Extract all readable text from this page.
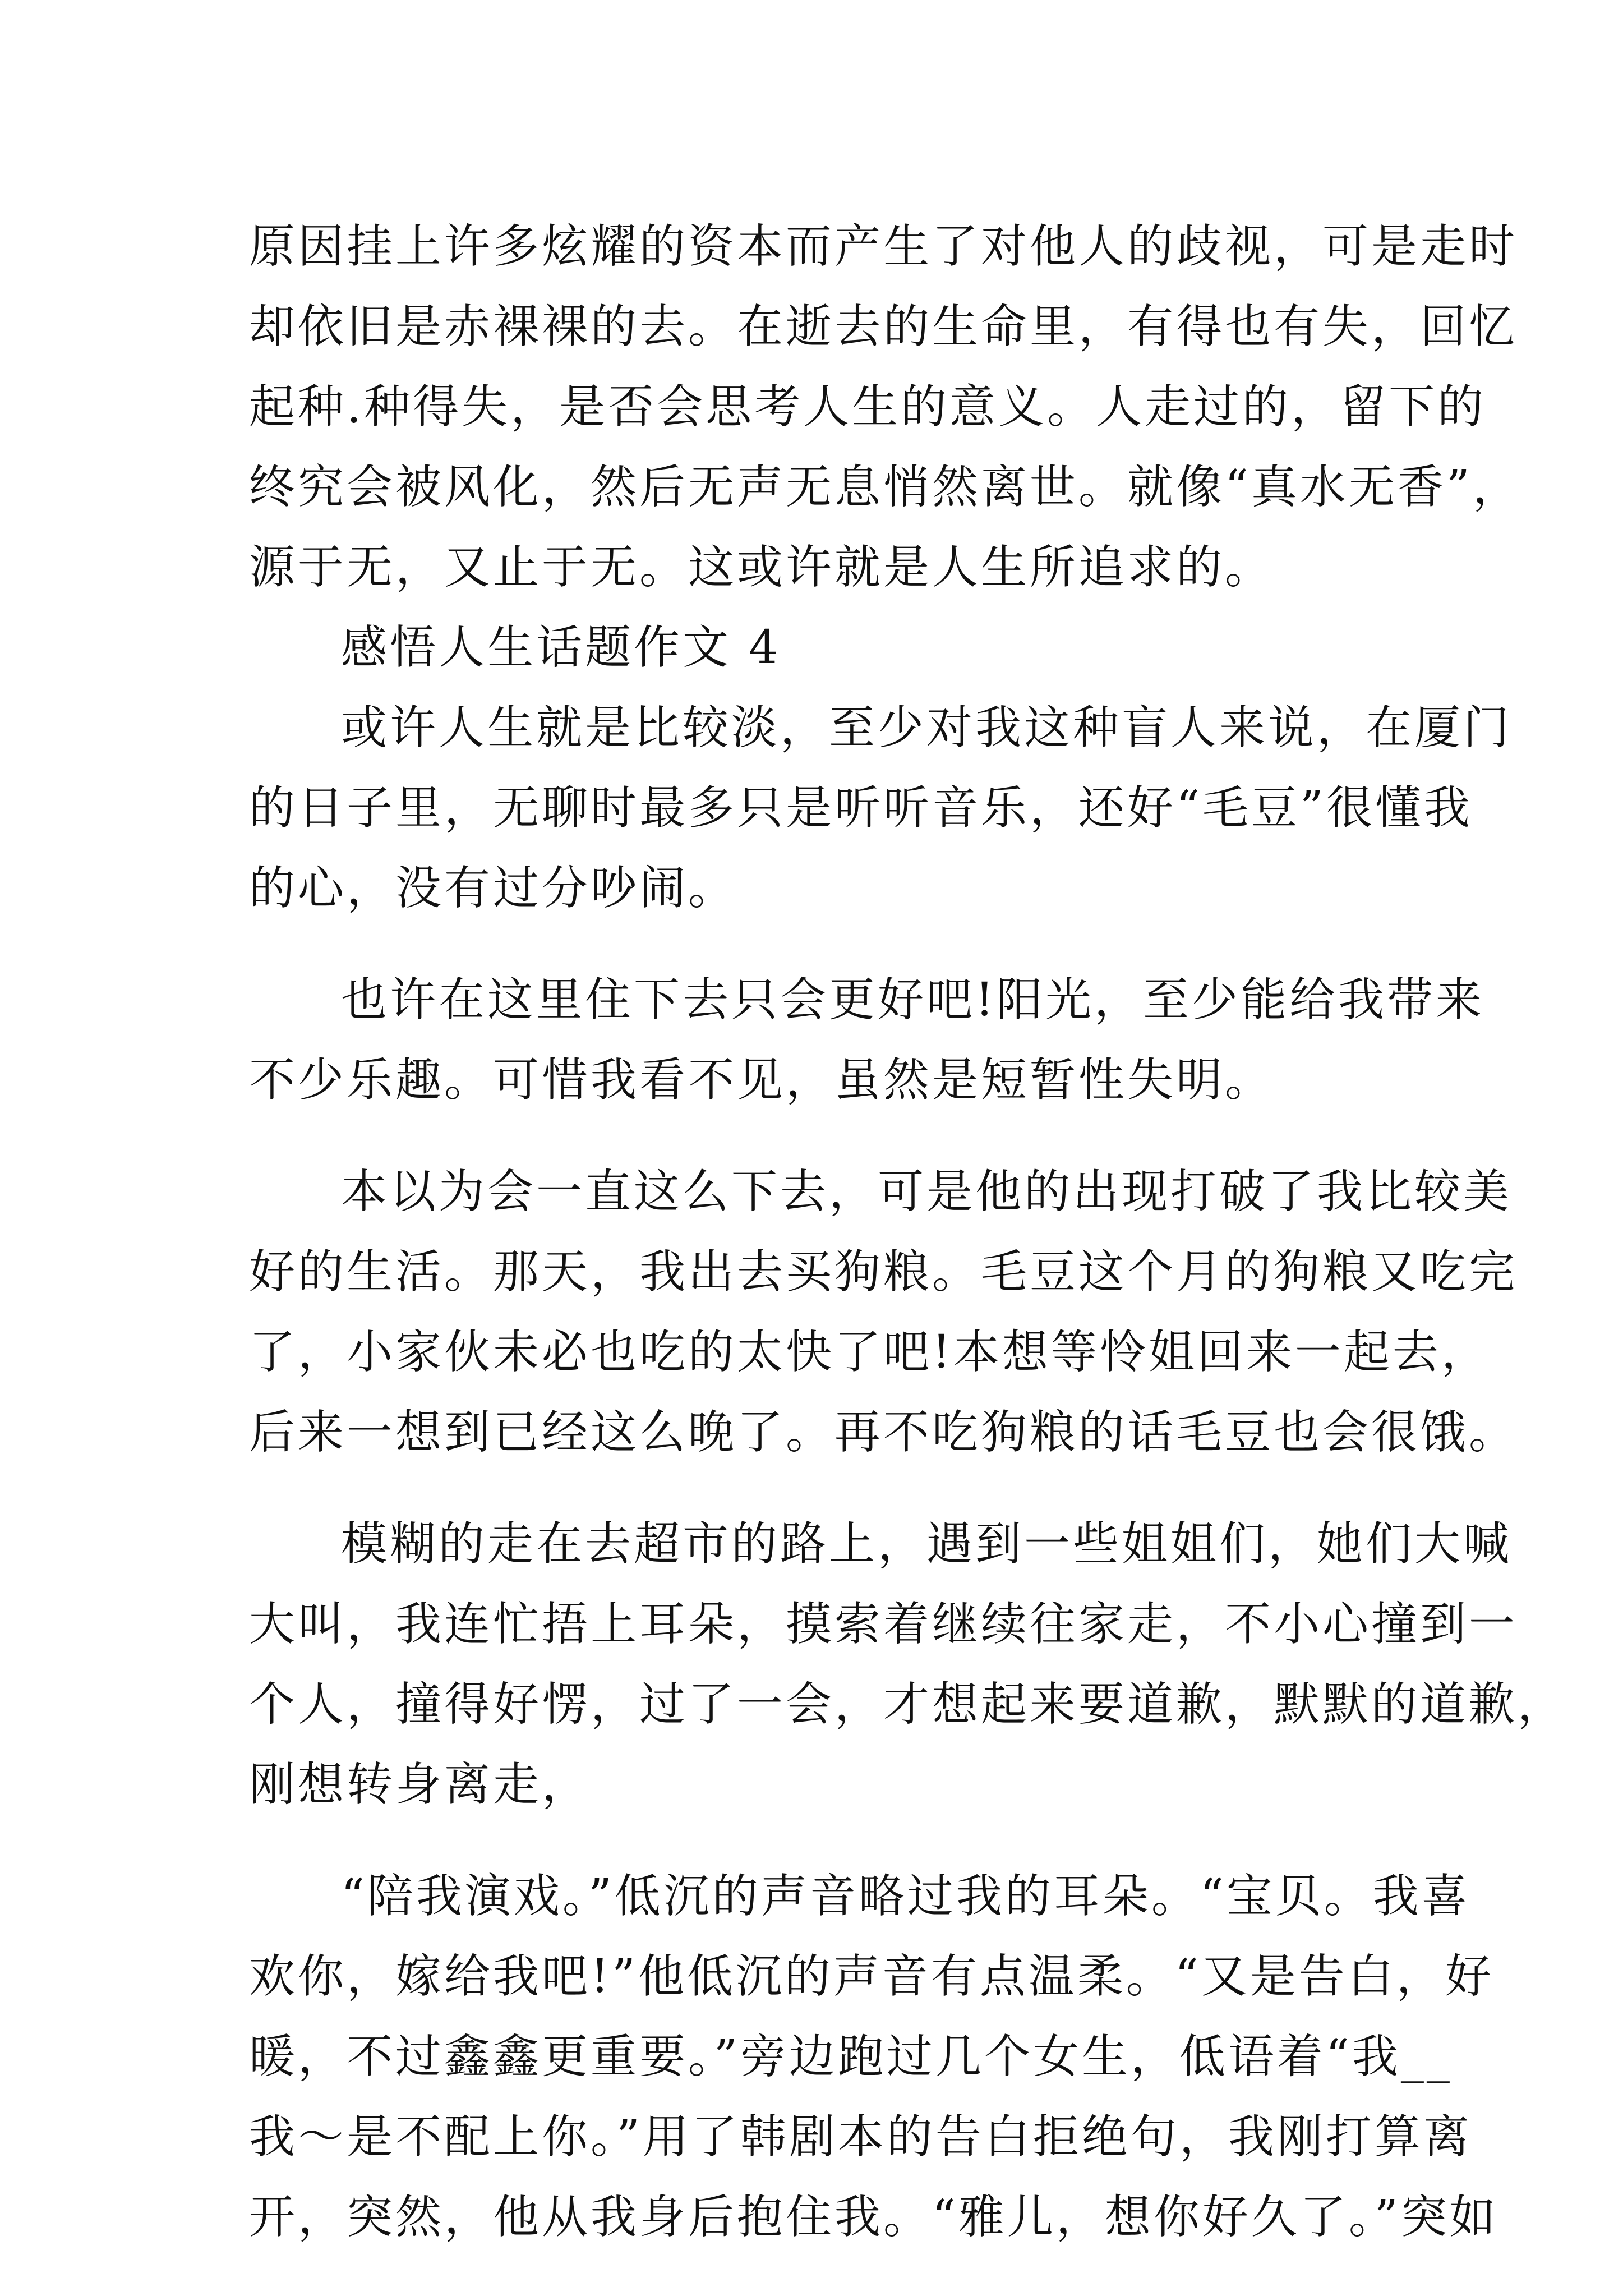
原因挂上许多炫耀的资本而产生了对他人的歧视，可是走时
却依旧是赤裸裸的去。在逝去的生命里，有得也有失，回忆
起种.种得失，是否会思考人生的意义。人走过的，留下的
终究会被风化，然后无声无息悄然离世。就像“真水无香”，
源于无，又止于无。这或许就是人生所追求的。
感悟人生话题作文 4
或许人生就是比较淡，至少对我这种盲人来说，在厦门
的日子里，无聊时最多只是听听音乐，还好“毛豆”很懂我
的心，没有过分吵闹。
也许在这里住下去只会更好吧!阳光，至少能给我带来
不少乐趣。可惜我看不见，虽然是短暂性失明。
本以为会一直这么下去，可是他的出现打破了我比较美
好的生活。那天，我出去买狗粮。毛豆这个月的狗粮又吃完
了，小家伙未必也吃的太快了吧!本想等怜姐回来一起去，
后来一想到已经这么晚了。再不吃狗粮的话毛豆也会很饿。
模糊的走在去超市的路上，遇到一些姐姐们，她们大喊
大叫，我连忙捂上耳朵，摸索着继续往家走，不小心撞到一
个人，撞得好愣，过了一会，才想起来要道歉，默默的道歉，
刚想转身离走，
“陪我演戏。”低沉的声音略过我的耳朵。“宝贝。我喜
欢你，嫁给我吧!”他低沉的声音有点温柔。“又是告白，好
暖，不过鑫鑫更重要。”旁边跑过几个女生，低语着“我__
我～是不配上你。”用了韩剧本的告白拒绝句，我刚打算离
开，突然，他从我身后抱住我。“雅儿，想你好久了。”突如
